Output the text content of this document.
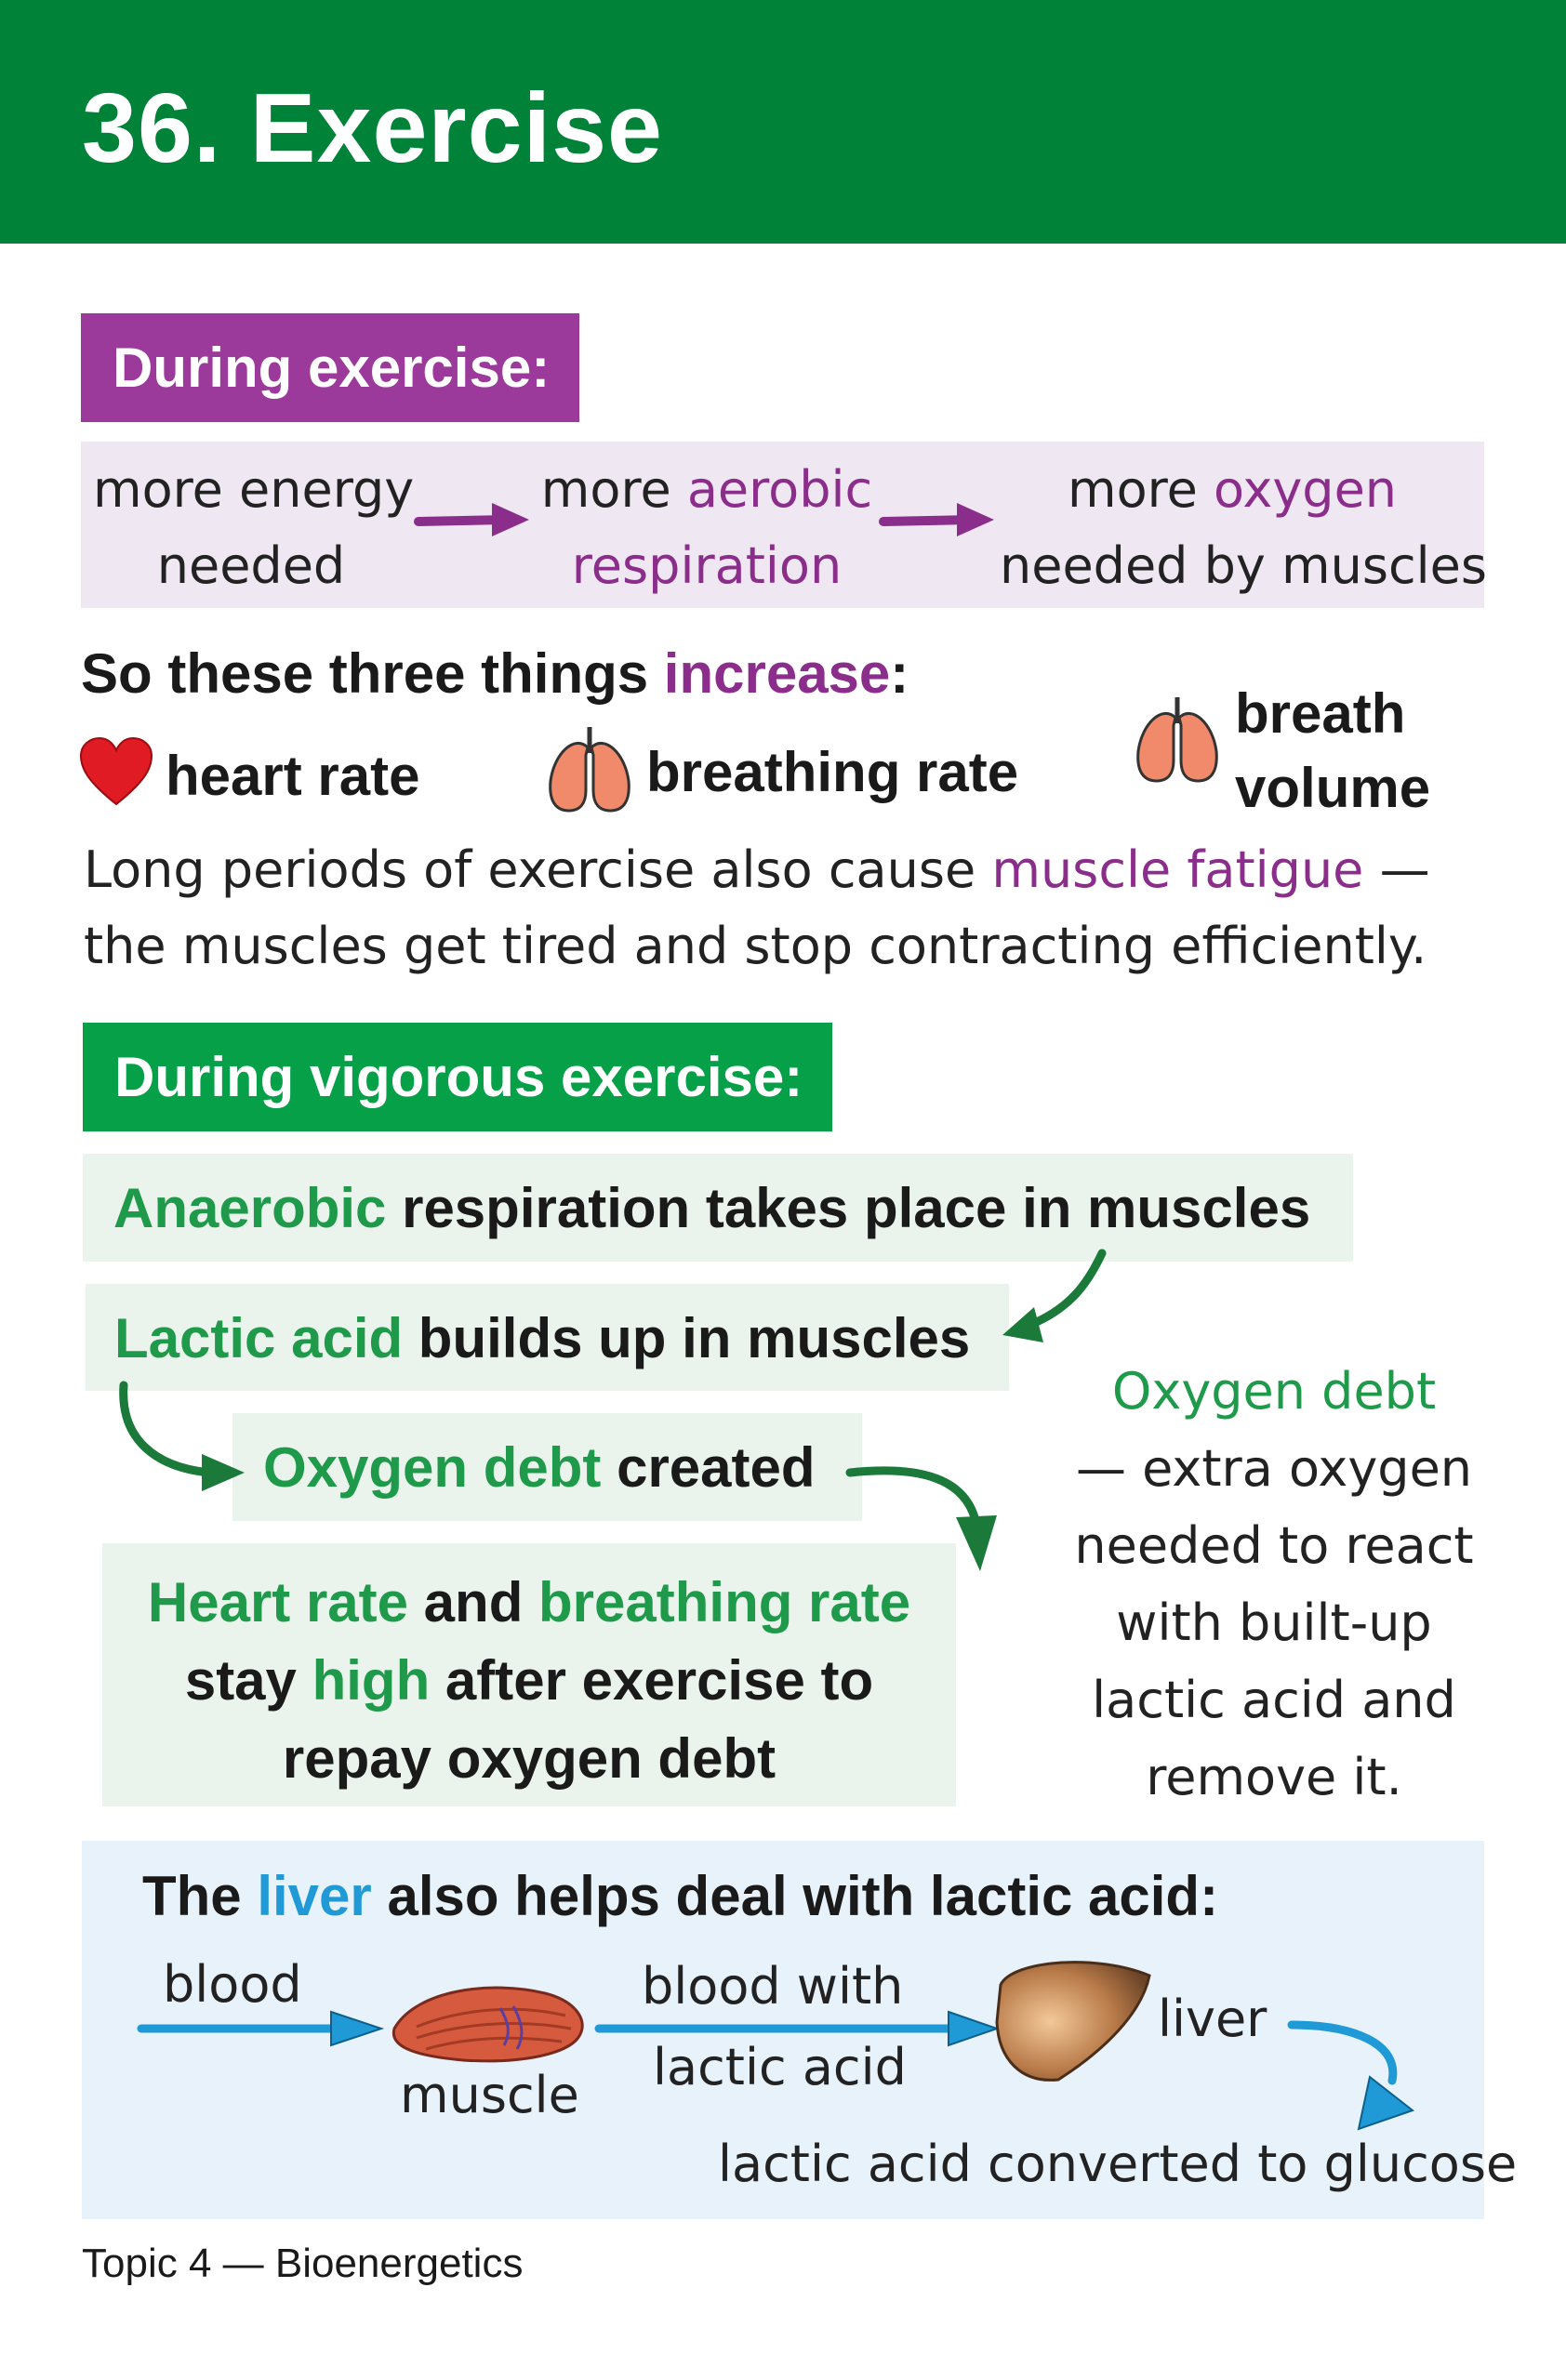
36. Exercise
During exercise:
more energy
needed
more aerobic
respiration
more oxygen
needed by muscles
So these three things increase:
heart rate	breathing rate
breath
volume
Long periods of exercise also cause muscle fatigue — the muscles get tired and stop contracting efficiently.
During vigorous exercise:
Anaerobic respiration takes place in muscles
Lactic acid builds up in muscles
Oxygen debt created
Heart rate and breathing rate
stay high after exercise to
repay oxygen debt
Oxygen debt
— extra oxygen needed to react with built-up lactic acid and remove it.
The liver also helps deal with lactic acid:
blood
muscle
blood with
lactic acid
liver
lactic acid converted to glucose
Topic 4 — Bioenergetics
